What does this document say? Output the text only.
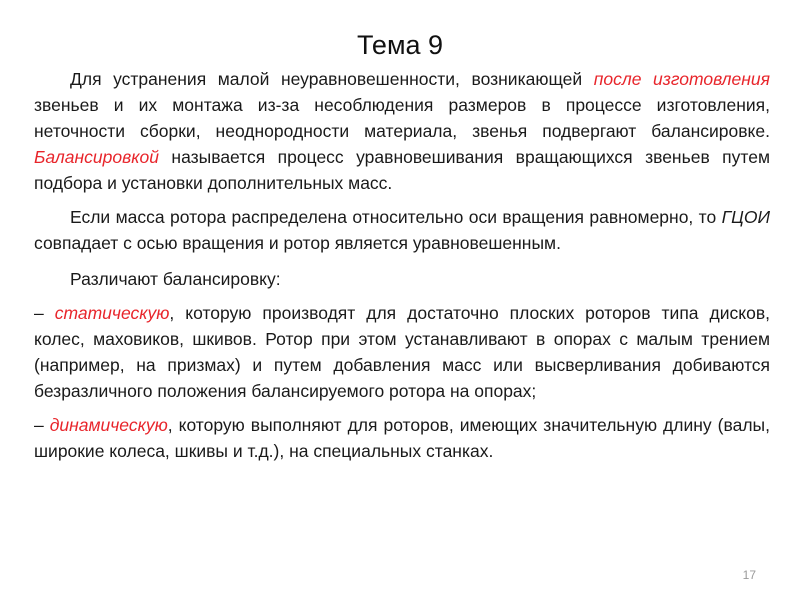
Тема 9

Для устранения малой неуравновешенности, возникающей после изготовления звеньев и их монтажа из-за несоблюдения размеров в процессе изготовления, неточности сборки, неоднородности материала, звенья подвергают балансировке. Балансировкой называется процесс уравновешивания вращающихся звеньев путем подбора и установки дополнительных масс.

Если масса ротора распределена относительно оси вращения равномерно, то ГЦОИ совпадает с осью вращения и ротор является уравновешенным.

Различают балансировку:

– статическую, которую производят для достаточно плоских роторов типа дисков, колес, маховиков, шкивов. Ротор при этом устанавливают в опорах с малым трением (например, на призмах) и путем добавления масс или высверливания добиваются безразличного положения балансируемого ротора на опорах;

– динамическую, которую выполняют для роторов, имеющих значительную длину (валы, широкие колеса, шкивы и т.д.), на специальных станках.

17
